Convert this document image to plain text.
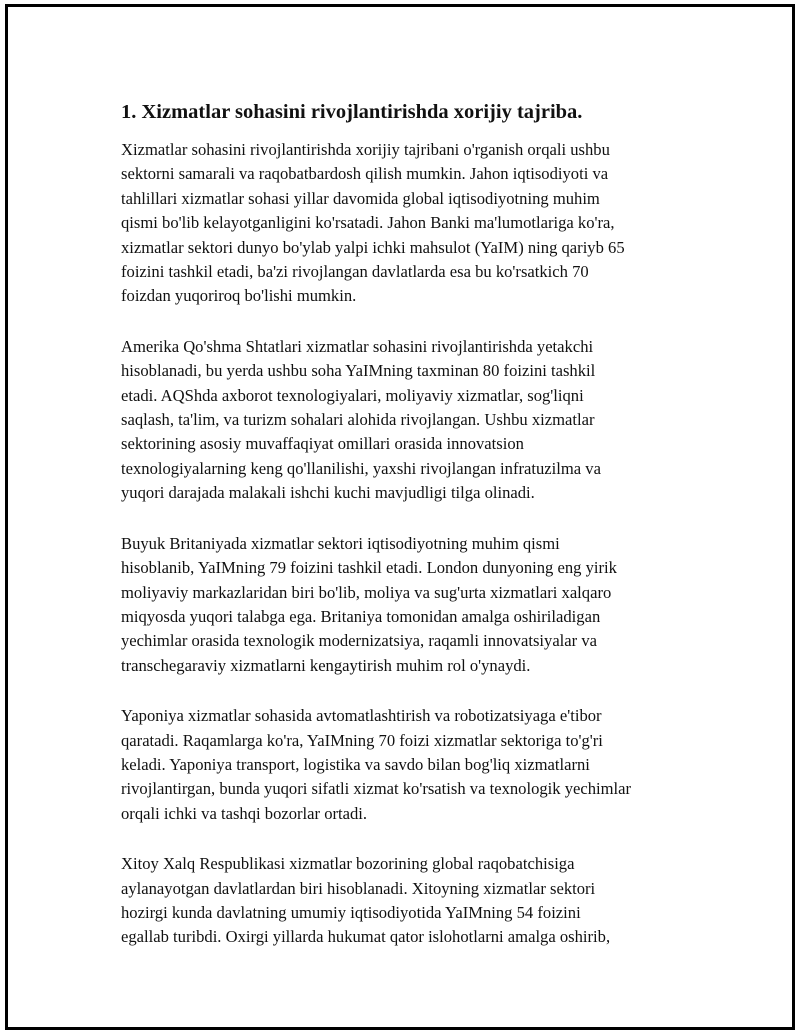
1. Xizmatlar sohasini rivojlantirishda xorijiy tajriba.

Xizmatlar sohasini rivojlantirishda xorijiy tajribani o'rganish orqali ushbu
sektorni samarali va raqobatbardosh qilish mumkin. Jahon iqtisodiyoti va
tahlillari xizmatlar sohasi yillar davomida global iqtisodiyotning muhim
qismi bo'lib kelayotganligini ko'rsatadi. Jahon Banki ma'lumotlariga ko'ra,
xizmatlar sektori dunyo bo'ylab yalpi ichki mahsulot (YaIM) ning qariyb 65
foizini tashkil etadi, ba'zi rivojlangan davlatlarda esa bu ko'rsatkich 70
foizdan yuqoriroq bo'lishi mumkin.

Amerika Qo'shma Shtatlari xizmatlar sohasini rivojlantirishda yetakchi
hisoblanadi, bu yerda ushbu soha YaIMning taxminan 80 foizini tashkil
etadi. AQShda axborot texnologiyalari, moliyaviy xizmatlar, sog'liqni
saqlash, ta'lim, va turizm sohalari alohida rivojlangan. Ushbu xizmatlar
sektorining asosiy muvaffaqiyat omillari orasida innovatsion
texnologiyalarning keng qo'llanilishi, yaxshi rivojlangan infratuzilma va
yuqori darajada malakali ishchi kuchi mavjudligi tilga olinadi.

Buyuk Britaniyada xizmatlar sektori iqtisodiyotning muhim qismi
hisoblanib, YaIMning 79 foizini tashkil etadi. London dunyoning eng yirik
moliyaviy markazlaridan biri bo'lib, moliya va sug'urta xizmatlari xalqaro
miqyosda yuqori talabga ega. Britaniya tomonidan amalga oshiriladigan
yechimlar orasida texnologik modernizatsiya, raqamli innovatsiyalar va
transchegaraviy xizmatlarni kengaytirish muhim rol o'ynaydi.

Yaponiya xizmatlar sohasida avtomatlashtirish va robotizatsiyaga e'tibor
qaratadi. Raqamlarga ko'ra, YaIMning 70 foizi xizmatlar sektoriga to'g'ri
keladi. Yaponiya transport, logistika va savdo bilan bog'liq xizmatlarni
rivojlantirgan, bunda yuqori sifatli xizmat ko'rsatish va texnologik yechimlar
orqali ichki va tashqi bozorlar ortadi.

Xitoy Xalq Respublikasi xizmatlar bozorining global raqobatchisiga
aylanayotgan davlatlardan biri hisoblanadi. Xitoyning xizmatlar sektori
hozirgi kunda davlatning umumiy iqtisodiyotida YaIMning 54 foizini
egallab turibdi. Oxirgi yillarda hukumat qator islohotlarni amalga oshirib,
